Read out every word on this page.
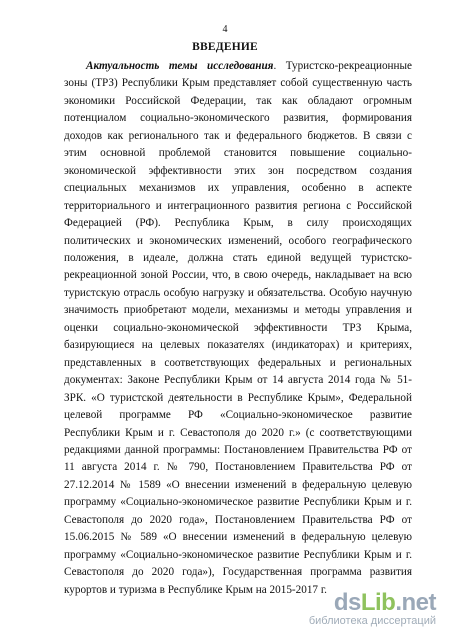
4
ВВЕДЕНИЕ

Актуальность темы исследования. Туристско-рекреационные зоны (ТРЗ) Республики Крым представляет собой существенную часть экономики Российской Федерации, так как обладают огромным потенциалом социально-экономического развития, формирования доходов как регионального так и федерального бюджетов. В связи с этим основной проблемой становится повышение социально-экономической эффективности этих зон посредством создания специальных механизмов их управления, особенно в аспекте территориального и интеграционного развития региона с Российской Федерацией (РФ). Республика Крым, в силу происходящих политических и экономических изменений, особого географического положения, в идеале, должна стать единой ведущей туристско-рекреационной зоной России, что, в свою очередь, накладывает на всю туристскую отрасль особую нагрузку и обязательства. Особую научную значимость приобретают модели, механизмы и методы управления и оценки социально-экономической эффективности ТРЗ Крыма, базирующиеся на целевых показателях (индикаторах) и критериях, представленных в соответствующих федеральных и региональных документах: Законе Республики Крым от 14 августа 2014 года № 51-ЗРК. «О туристской деятельности в Республике Крым», Федеральной целевой программе РФ «Социально-экономическое развитие Республики Крым и г. Севастополя до 2020 г.» (с соответствующими редакциями данной программы: Постановлением Правительства РФ от 11 августа 2014 г. № 790, Постановлением Правительства РФ от 27.12.2014 № 1589 «О внесении изменений в федеральную целевую программу «Социально-экономическое развитие Республики Крым и г. Севастополя до 2020 года», Постановлением Правительства РФ от 15.06.2015 № 589 «О внесении изменений в федеральную целевую программу «Социально-экономическое развитие Республики Крым и г. Севастополя до 2020 года»), Государственная программа развития курортов и туризма в Республике Крым на 2015-2017 г. dsLib.net
библиотека диссертаций
